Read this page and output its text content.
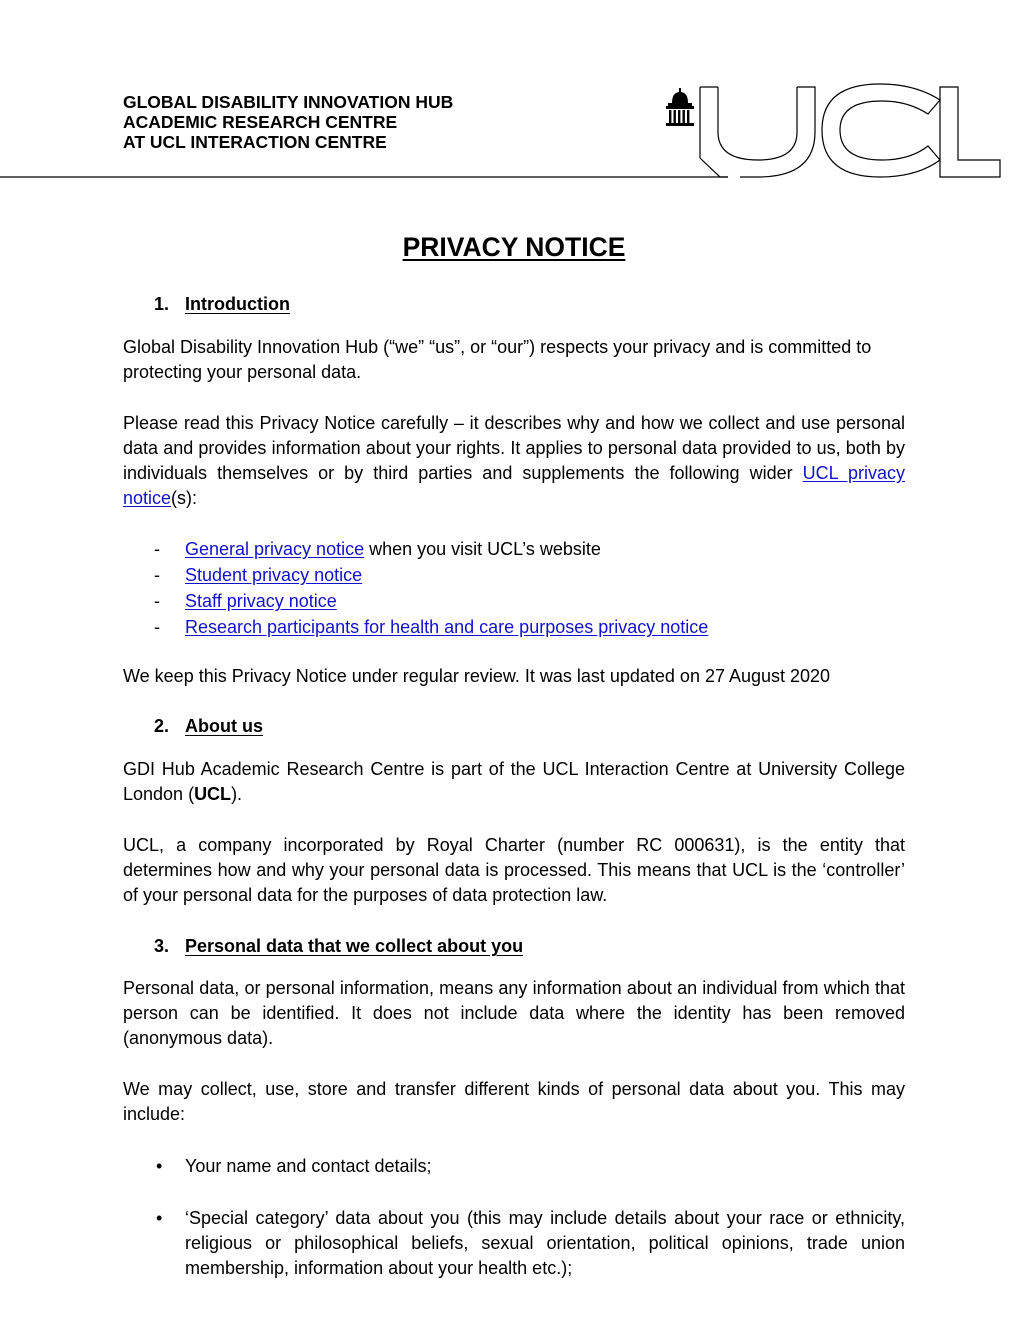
GLOBAL DISABILITY INNOVATION HUB
ACADEMIC RESEARCH CENTRE
AT UCL INTERACTION CENTRE
PRIVACY NOTICE
1. Introduction
Global Disability Innovation Hub (“we” “us”, or “our”) respects your privacy and is committed to protecting your personal data.
Please read this Privacy Notice carefully – it describes why and how we collect and use personal data and provides information about your rights. It applies to personal data provided to us, both by individuals themselves or by third parties and supplements the following wider UCL privacy notice(s):
- General privacy notice when you visit UCL’s website
- Student privacy notice
- Staff privacy notice
- Research participants for health and care purposes privacy notice
We keep this Privacy Notice under regular review. It was last updated on 27 August 2020
2. About us
GDI Hub Academic Research Centre is part of the UCL Interaction Centre at University College London (UCL).
UCL, a company incorporated by Royal Charter (number RC 000631), is the entity that determines how and why your personal data is processed. This means that UCL is the ‘controller’ of your personal data for the purposes of data protection law.
3. Personal data that we collect about you
Personal data, or personal information, means any information about an individual from which that person can be identified. It does not include data where the identity has been removed (anonymous data).
We may collect, use, store and transfer different kinds of personal data about you. This may include:
• Your name and contact details;
• ‘Special category’ data about you (this may include details about your race or ethnicity, religious or philosophical beliefs, sexual orientation, political opinions, trade union membership, information about your health etc.);
